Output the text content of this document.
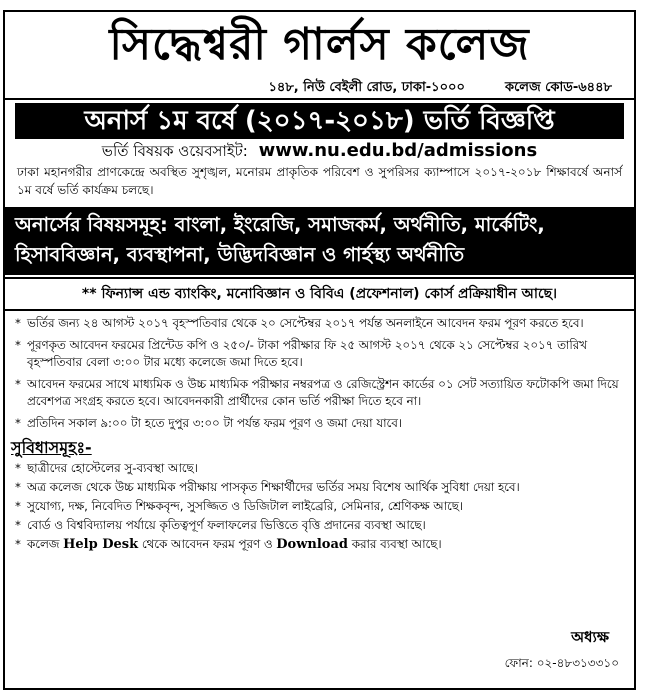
সিদ্ধেশ্বরী গার্লস কলেজ
১৪৮, নিউ বেইলী রোড, ঢাকা-১০০০	কলেজ কোড-৬৪৪৮
অনার্স ১ম বর্ষে (২০১৭-২০১৮) ভর্তি বিজ্ঞপ্তি
ভর্তি বিষয়ক ওয়েবসাইট: www.nu.edu.bd/admissions
ঢাকা মহানগরীর প্রাণকেন্দ্রে অবস্থিত সুশৃঙ্খল, মনোরম প্রাকৃতিক পরিবেশ ও সুপরিসর ক্যাম্পাসে ২০১৭-২০১৮ শিক্ষাবর্ষে অনার্স ১ম বর্ষে ভর্তি কার্যক্রম চলছে।
অনার্সের বিষয়সমূহ: বাংলা, ইংরেজি, সমাজকর্ম, অর্থনীতি, মার্কেটিং,
হিসাববিজ্ঞান, ব্যবস্থাপনা, উদ্ভিদবিজ্ঞান ও গার্হস্থ্য অর্থনীতি
** ফিন্যান্স এন্ড ব্যাংকিং, মনোবিজ্ঞান ও বিবিএ (প্রফেশনাল) কোর্স প্রক্রিয়াধীন আছে।
* ভর্তির জন্য ২৪ আগস্ট ২০১৭ বৃহস্পতিবার থেকে ২০ সেপ্টেম্বর ২০১৭ পর্যন্ত অনলাইনে আবেদন ফরম পূরণ করতে হবে।
* পূরণকৃত আবেদন ফরমের প্রিন্টেড কপি ও ২৫০/- টাকা পরীক্ষার ফি ২৫ আগস্ট ২০১৭ থেকে ২১ সেপ্টেম্বর ২০১৭ তারিখ বৃহস্পতিবার বেলা ৩:০০ টার মধ্যে কলেজে জমা দিতে হবে।
* আবেদন ফরমের সাথে মাধ্যমিক ও উচ্চ মাধ্যমিক পরীক্ষার নম্বরপত্র ও রেজিস্ট্রেশন কার্ডের ০১ সেট সত্যায়িত ফটোকপি জমা দিয়ে প্রবেশপত্র সংগ্রহ করতে হবে। আবেদনকারী প্রার্থীদের কোন ভর্তি পরীক্ষা দিতে হবে না।
* প্রতিদিন সকাল ৯:০০ টা হতে দুপুর ৩:০০ টা পর্যন্ত ফরম পূরণ ও জমা দেয়া যাবে।
সুবিধাসমূহঃ-
* ছাত্রীদের হোস্টেলের সু-ব্যবস্থা আছে।
* অত্র কলেজ থেকে উচ্চ মাধ্যমিক পরীক্ষায় পাসকৃত শিক্ষার্থীদের ভর্তির সময় বিশেষ আর্থিক সুবিধা দেয়া হবে।
* সুযোগ্য, দক্ষ, নিবেদিত শিক্ষকবৃন্দ, সুসজ্জিত ও ডিজিটাল লাইব্রেরি, সেমিনার, শ্রেণিকক্ষ আছে।
* বোর্ড ও বিশ্ববিদ্যালয় পর্যায়ে কৃতিত্বপূর্ণ ফলাফলের ভিত্তিতে বৃত্তি প্রদানের ব্যবস্থা আছে।
* কলেজ Help Desk থেকে আবেদন ফরম পূরণ ও Download করার ব্যবস্থা আছে।
অধ্যক্ষ
ফোন: ০২-৪৮৩১৩৩১০
